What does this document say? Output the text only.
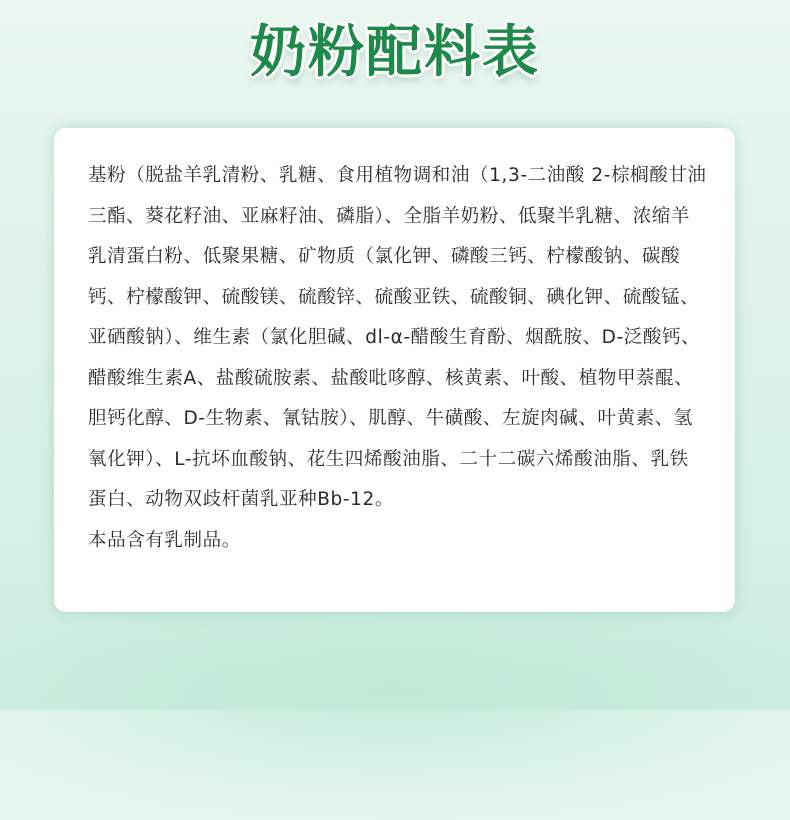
奶粉配料表

基粉（脱盐羊乳清粉、乳糖、食用植物调和油（1,3-二油酸 2-棕榈酸甘油三酯、葵花籽油、亚麻籽油、磷脂）、全脂羊奶粉、低聚半乳糖、浓缩羊乳清蛋白粉、低聚果糖、矿物质（氯化钾、磷酸三钙、柠檬酸钠、碳酸钙、柠檬酸钾、硫酸镁、硫酸锌、硫酸亚铁、硫酸铜、碘化钾、硫酸锰、亚硒酸钠）、维生素（氯化胆碱、dl-α-醋酸生育酚、烟酰胺、D-泛酸钙、醋酸维生素A、盐酸硫胺素、盐酸吡哆醇、核黄素、叶酸、植物甲萘醌、胆钙化醇、D-生物素、氰钴胺）、肌醇、牛磺酸、左旋肉碱、叶黄素、氢氧化钾）、L-抗坏血酸钠、花生四烯酸油脂、二十二碳六烯酸油脂、乳铁蛋白、动物双歧杆菌乳亚种Bb-12。

本品含有乳制品。
